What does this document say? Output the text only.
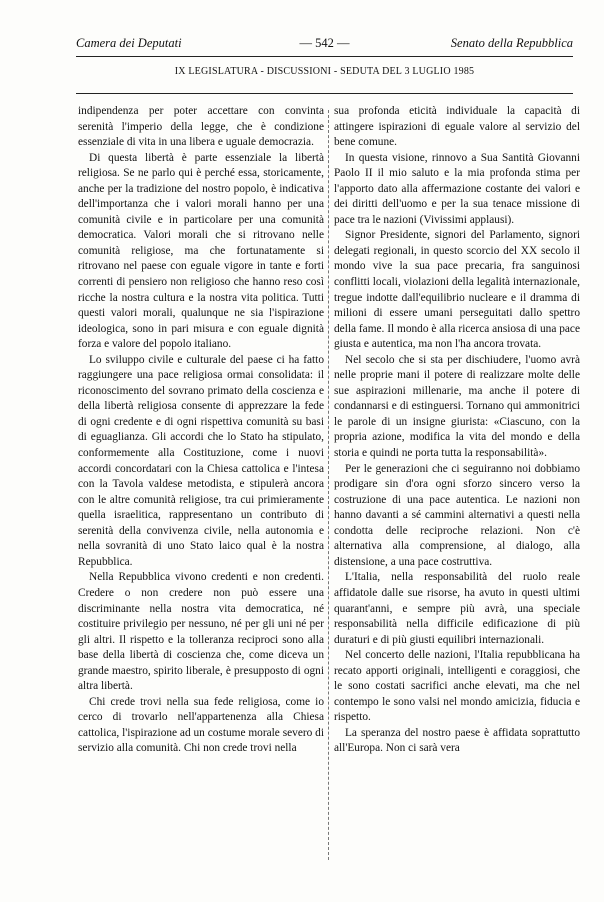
Camera dei Deputati	— 542 —	Senato della Repubblica
IX LEGISLATURA - DISCUSSIONI - SEDUTA DEL 3 LUGLIO 1985

indipendenza per poter accettare con convinta serenità l'imperio della legge, che è condizione essenziale di vita in una libera e uguale democrazia.

Di questa libertà è parte essenziale la libertà religiosa. Se ne parlo qui è perché essa, storicamente, anche per la tradizione del nostro popolo, è indicativa dell'importanza che i valori morali hanno per una comunità civile e in particolare per una comunità democratica. Valori morali che si ritrovano nelle comunità religiose, ma che fortunatamente si ritrovano nel paese con eguale vigore in tante e forti correnti di pensiero non religioso che hanno reso così ricche la nostra cultura e la nostra vita politica. Tutti questi valori morali, qualunque ne sia l'ispirazione ideologica, sono in pari misura e con eguale dignità forza e valore del popolo italiano.

Lo sviluppo civile e culturale del paese ci ha fatto raggiungere una pace religiosa ormai consolidata: il riconoscimento del sovrano primato della coscienza e della libertà religiosa consente di apprezzare la fede di ogni credente e di ogni rispettiva comunità su basi di eguaglianza. Gli accordi che lo Stato ha stipulato, conformemente alla Costituzione, come i nuovi accordi concordatari con la Chiesa cattolica e l'intesa con la Tavola valdese metodista, e stipulerà ancora con le altre comunità religiose, tra cui primieramente quella israelitica, rappresentano un contributo di serenità della convivenza civile, nella autonomia e nella sovranità di uno Stato laico qual è la nostra Repubblica.

Nella Repubblica vivono credenti e non credenti. Credere o non credere non può essere una discriminante nella nostra vita democratica, né costituire privilegio per nessuno, né per gli uni né per gli altri. Il rispetto e la tolleranza reciproci sono alla base della libertà di coscienza che, come diceva un grande maestro, spirito liberale, è presupposto di ogni altra libertà.

Chi crede trovi nella sua fede religiosa, come io cerco di trovarlo nell'appartenenza alla Chiesa cattolica, l'ispirazione ad un costume morale severo di servizio alla comunità. Chi non crede trovi nella

sua profonda eticità individuale la capacità di attingere ispirazioni di eguale valore al servizio del bene comune.

In questa visione, rinnovo a Sua Santità Giovanni Paolo II il mio saluto e la mia profonda stima per l'apporto dato alla affermazione costante dei valori e dei diritti dell'uomo e per la sua tenace missione di pace tra le nazioni (Vivissimi applausi).

Signor Presidente, signori del Parlamento, signori delegati regionali, in questo scorcio del XX secolo il mondo vive la sua pace precaria, fra sanguinosi conflitti locali, violazioni della legalità internazionale, tregue indotte dall'equilibrio nucleare e il dramma di milioni di essere umani perseguitati dallo spettro della fame. Il mondo è alla ricerca ansiosa di una pace giusta e autentica, ma non l'ha ancora trovata.

Nel secolo che si sta per dischiudere, l'uomo avrà nelle proprie mani il potere di realizzare molte delle sue aspirazioni millenarie, ma anche il potere di condannarsi e di estinguersi. Tornano qui ammonitrici le parole di un insigne giurista: «Ciascuno, con la propria azione, modifica la vita del mondo e della storia e quindi ne porta tutta la responsabilità».

Per le generazioni che ci seguiranno noi dobbiamo prodigare sin d'ora ogni sforzo sincero verso la costruzione di una pace autentica. Le nazioni non hanno davanti a sé cammini alternativi a questi nella condotta delle reciproche relazioni. Non c'è alternativa alla comprensione, al dialogo, alla distensione, a una pace costruttiva.

L'Italia, nella responsabilità del ruolo reale affidatole dalle sue risorse, ha avuto in questi ultimi quarant'anni, e sempre più avrà, una speciale responsabilità nella difficile edificazione di più duraturi e di più giusti equilibri internazionali.

Nel concerto delle nazioni, l'Italia repubblicana ha recato apporti originali, intelligenti e coraggiosi, che le sono costati sacrifici anche elevati, ma che nel contempo le sono valsi nel mondo amicizia, fiducia e rispetto.

La speranza del nostro paese è affidata soprattutto all'Europa. Non ci sarà vera
